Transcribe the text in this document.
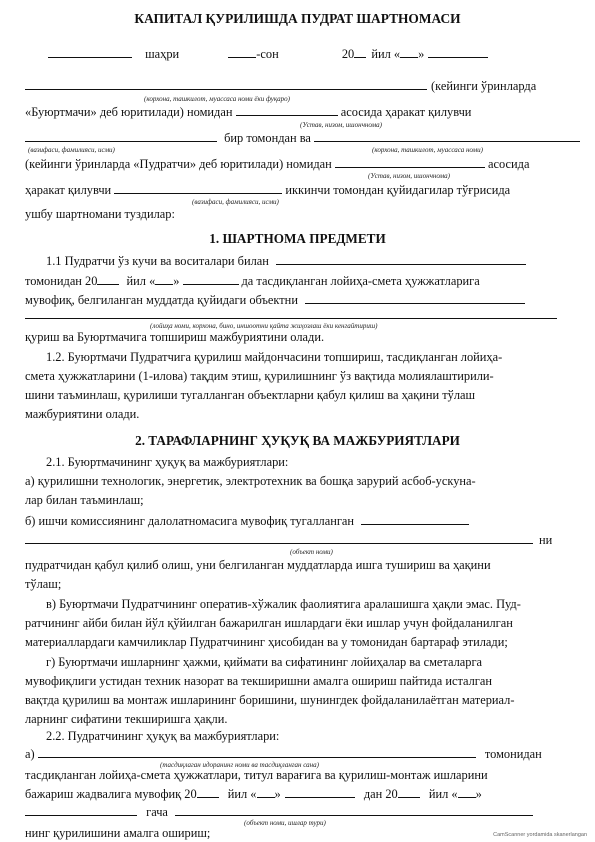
КАПИТАЛ ҚУРИЛИШДА ПУДРАТ ШАРТНОМАСИ
шаҳри	-сон	20 йил « »
(кейинги ўринларда
(корхона, ташкилот, муассаса номи ёки фуқаро)
«Буюртмачи» деб юритилади) номидан	асосида ҳаракат қилувчи
(Устав, низом, ишончнома)
бир томондан ва
(вазифаси, фамилияси, исми)	(корхона, ташкилот, муассаса номи)
(кейинги ўринларда «Пудратчи» деб юритилади) номидан	асосида
(Устав, низом, ишончнома)
ҳаракат қилувчи	иккинчи томондан қуйидагилар тўғрисида
(вазифаси, фамилияси, исми)
ушбу шартномани туздилар:
1. ШАРТНОМА ПРЕДМЕТИ
1.1 Пудратчи ўз кучи ва воситалари билан
томонидан 20 йил « »	да тасдиқланган лойиҳа-смета ҳужжатларига
мувофиқ, белгиланган муддатда қуйидаги объектни
(лойиҳа номи, корхона, бино, иншоотни қайта жиҳозлаш ёки кенгайтириш)
қуриш ва Буюртмачига топшириш мажбуриятини олади.
1.2. Буюртмачи Пудратчига қурилиш майдончасини топшириш, тасдиқланган лойиҳа-
смета ҳужжатларини (1-илова) тақдим этиш, қурилишнинг ўз вақтида молиялаштирили-
шини таъминлаш, қурилиши тугалланган объектларни қабул қилиш ва ҳақини тўлаш
мажбуриятини олади.
2. ТАРАФЛАРНИНГ ҲУҚУҚ ВА МАЖБУРИЯТЛАРИ
2.1. Буюртмачининг ҳуқуқ ва мажбуриятлари:
а) қурилишни технологик, энергетик, электротехник ва бошқа зарурий асбоб-ускуна-
лар билан таъминлаш;
б) ишчи комиссиянинг далолатномасига мувофиқ тугалланган
ни
(объект номи)
пудратчидан қабул қилиб олиш, уни белгиланган муддатларда ишга тушириш ва ҳақини
тўлаш;
в) Буюртмачи Пудратчининг оператив-хўжалик фаолиятига аралашишга ҳақли эмас. Пуд-
ратчининг айби билан йўл қўйилган бажарилган ишлардаги ёки ишлар учун фойдаланилган
материаллардаги камчиликлар Пудратчининг ҳисобидан ва у томонидан бартараф этилади;
г) Буюртмачи ишларнинг ҳажми, қиймати ва сифатининг лойиҳалар ва сметаларга
мувофиқлиги устидан техник назорат ва текширишни амалга ошириш пайтида исталган
вақтда қурилиш ва монтаж ишларининг боришини, шунингдек фойдаланилаётган материал-
ларнинг сифатини текширишга ҳақли.
2.2. Пудратчининг ҳуқуқ ва мажбуриятлари:
а)	томонидан
(тасдиқлаган идоранинг номи ва тасдиқланган сана)
тасдиқланган лойиҳа-смета ҳужжатлари, титул варағига ва қурилиш-монтаж ишларини
бажариш жадвалига мувофиқ 20	йил « »	дан 20	йил « »
гача
(объект номи, ишлар тури)
CamScanner yordamida skanerlangan
нинг қурилишини амалга ошириш;
